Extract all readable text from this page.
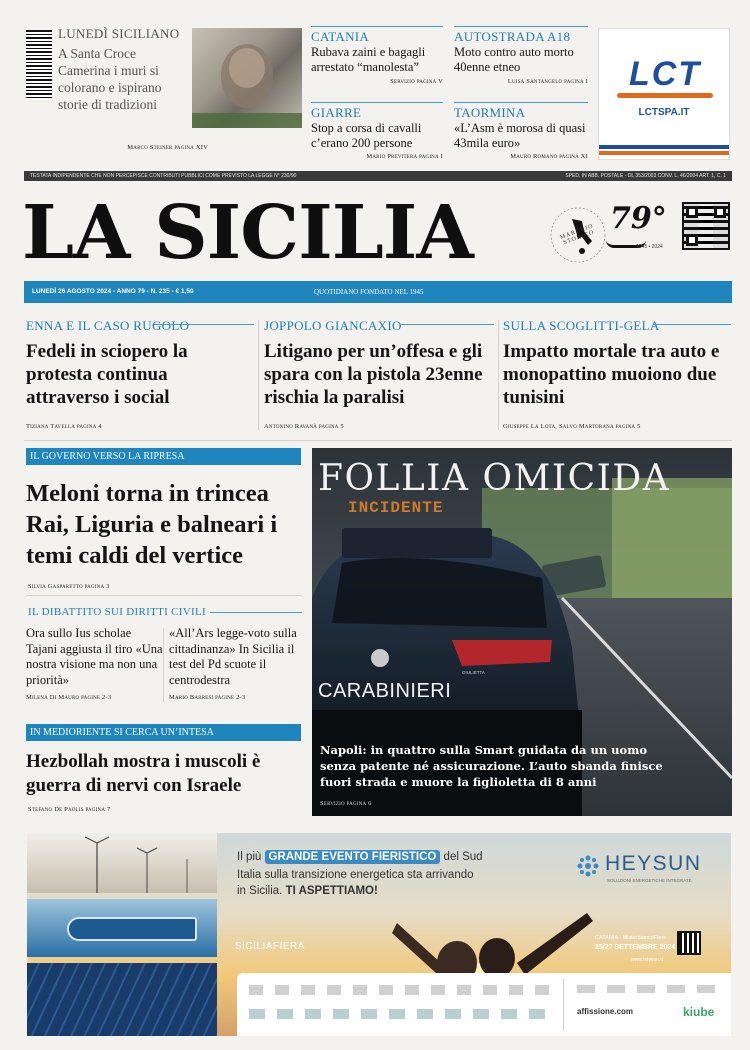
LUNEDÌ SICILIANO
A Santa Croce Camerina i muri si colorano e ispirano storie di tradizioni
Marco Steiner pagina XIV
CATANIA
Rubava zaini e bagagli arrestato “manolesta”
Servizio pagina V
AUTOSTRADA A18
Moto contro auto morto 40enne etneo
Luisa Santangelo pagina I
GIARRE
Stop a corsa di cavalli c’erano 200 persone
Mario Previtera pagina I
TAORMINA
«L’Asm è morosa di quasi 43mila euro»
Mauro Romano pagina XI
LCT
LCTSPA.IT
TESTATA INDIPENDENTE CHE NON PERCEPISCE CONTRIBUTI PUBBLICI COME PREVISTO LA LEGGE N° 230/90	SPED. IN ABB. POSTALE - DL 353/2003 CONV. L. 46/2004 ART. 1, C. 1
LA SICILIA	MARCHIO STORICO
79°
1945 • 2024
LUNEDÌ 26 AGOSTO 2024 - ANNO 79 - N. 235 - € 1,50	QUOTIDIANO FONDATO NEL 1945
ENNA E IL CASO RUGOLO
Fedeli in sciopero la protesta continua attraverso i social
Tiziana Tavella pagina 4
JOPPOLO GIANCAXIO
Litigano per un’offesa e gli spara con la pistola 23enne rischia la paralisi
Antonino Ravanà pagina 5
SULLA SCOGLITTI-GELA
Impatto mortale tra auto e monopattino muoiono due tunisini
Giuseppe La Lota, Salvo Martorana pagina 5
IL GOVERNO VERSO LA RIPRESA
Meloni torna in trincea Rai, Liguria e balneari i temi caldi del vertice
Silvia Gasparetto pagina 3
IL DIBATTITO SUI DIRITTI CIVILI
Ora sullo Ius scholae Tajani aggiusta il tiro «Una nostra visione ma non una priorità»
Milena Di Mauro pagine 2-3
«All’Ars legge-voto sulla cittadinanza» In Sicilia il test del Pd scuote il centrodestra
Mario Barresi pagine 2-3
IN MEDIORIENTE SI CERCA UN’INTESA
Hezbollah mostra i muscoli è guerra di nervi con Israele
Stefano De Paolis pagina 7
FOLLIA OMICIDA
INCIDENTE
CARABINIERI
GIULIETTA
Napoli: in quattro sulla Smart guidata da un uomo senza patente né assicurazione. L’auto sbanda finisce fuori strada e muore la figlioletta di 8 anni
Servizio pagina 6
Il più GRANDE EVENTO FIERISTICO del Sud
Italia sulla transizione energetica sta arrivando
in Sicilia. TI ASPETTIAMO!
HEYSUN
SOLUZIONI ENERGETICHE INTEGRATE
SICILIAFIERA
CATANIA - MisterbiancoFiere
25/27 SETTEMBRE 2024
www.heysun.it
affissione.com	kiube
